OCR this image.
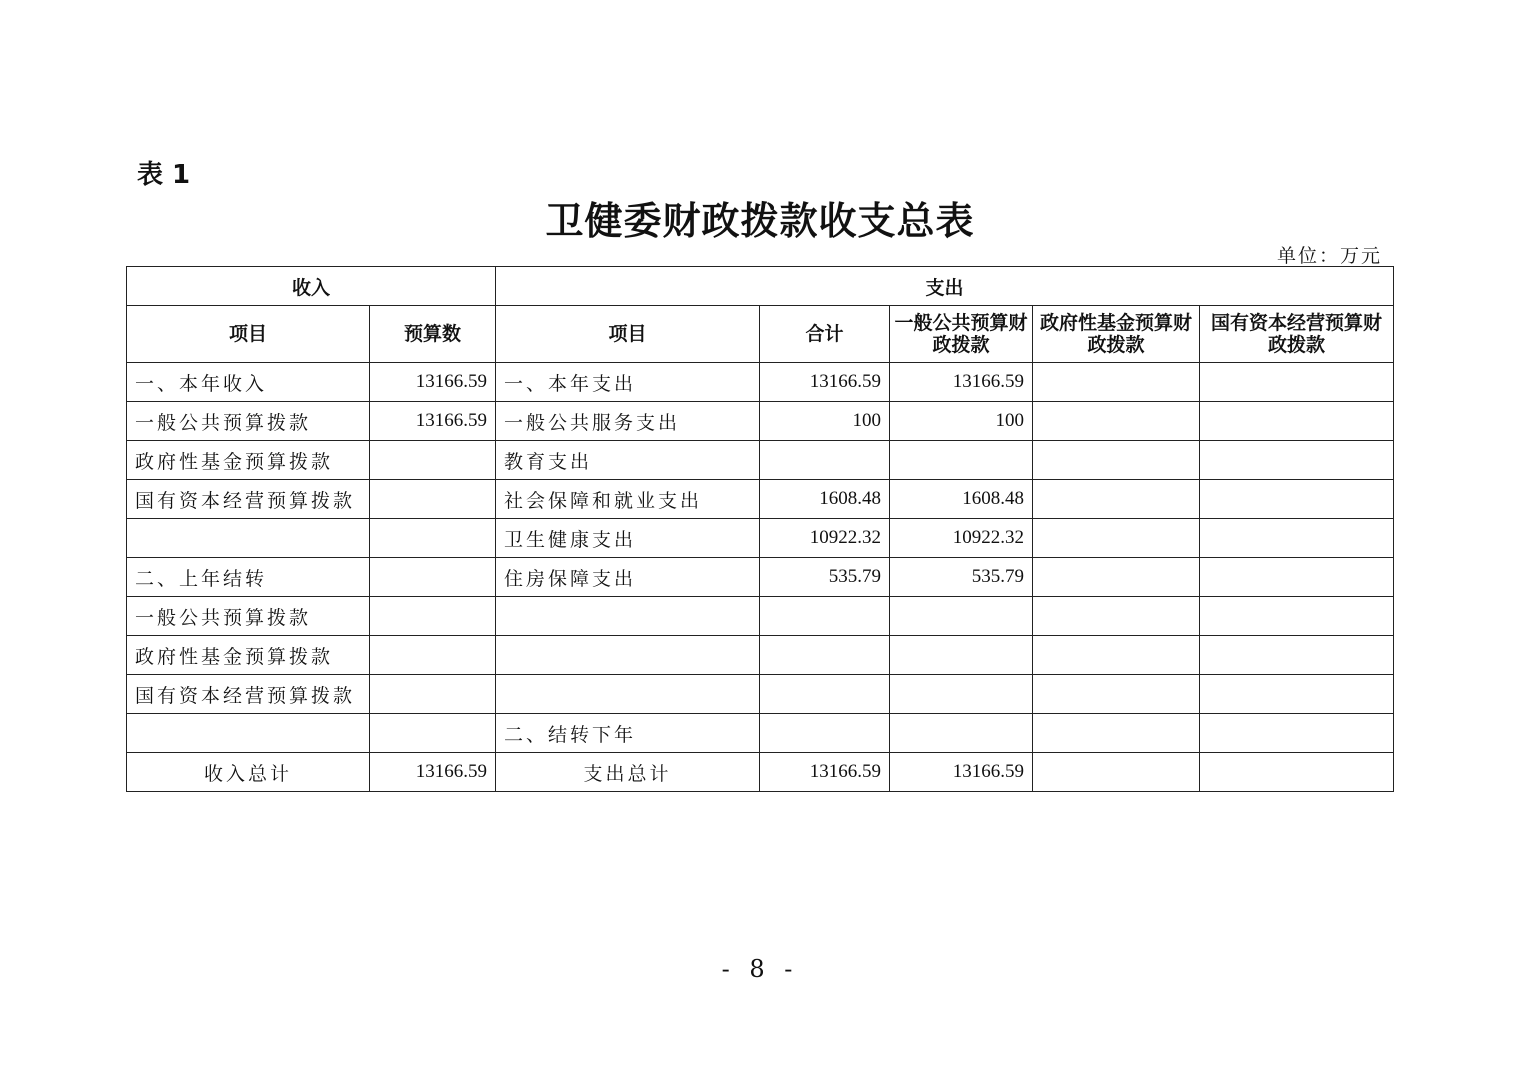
表 1
卫健委财政拨款收支总表
单位：万元
收入		支出				
项目	预算数	项目	合计	一般公共预算财政拨款	政府性基金预算财政拨款	国有资本经营预算财政拨款
一、本年收入	13166.59	一、本年支出	13166.59	13166.59		
一般公共预算拨款	13166.59	一般公共服务支出	100	100		
政府性基金预算拨款		教育支出				
国有资本经营预算拨款		社会保障和就业支出	1608.48	1608.48		
		卫生健康支出	10922.32	10922.32		
二、上年结转		住房保障支出	535.79	535.79		
一般公共预算拨款						
政府性基金预算拨款						
国有资本经营预算拨款						
		二、结转下年				
收入总计	13166.59	支出总计	13166.59	13166.59		
- 8 -
